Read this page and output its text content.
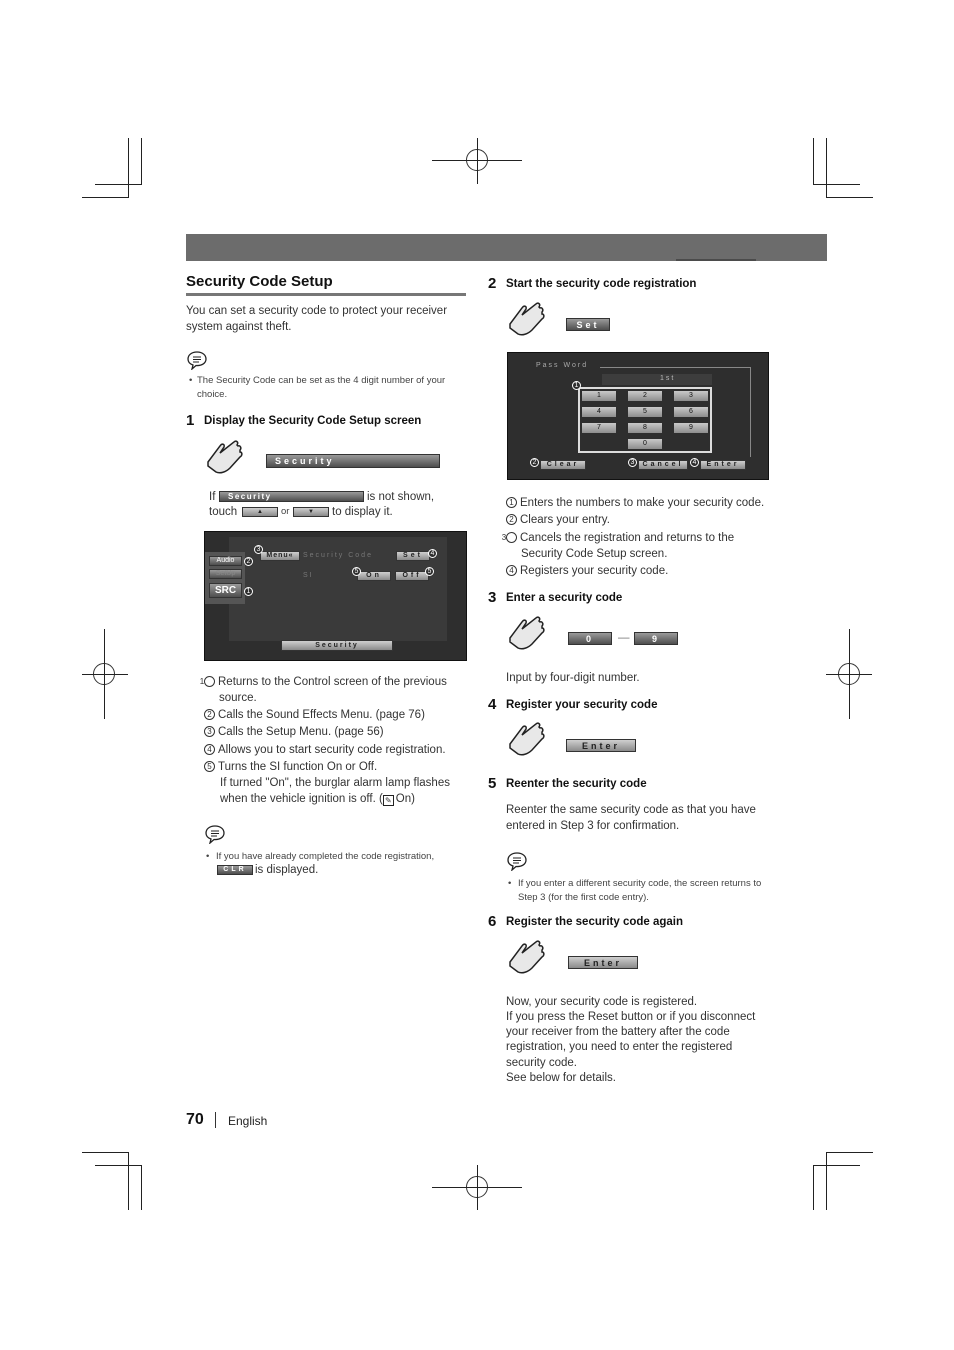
Security Code Setup
You can set a security code to protect your receiver system against theft.
• The Security Code can be set as the 4 digit number of your choice.
1 Display the Security Code Setup screen
Security
If	Security	is not shown,
touch	▲	or	▼	to display it.
Menu«	Security Code	Set
SI	On	Off
Audio
SetUp
SRC
Security
3
2
1
4
5	5
1 Returns to the Control screen of the previous source.
2 Calls the Sound Effects Menu. (page 76)
3 Calls the Setup Menu. (page 56)
4 Allows you to start security code registration.
5 Turns the SI function On or Off.
If turned "On", the burglar alarm lamp flashes when the vehicle ignition is off. ( ✎ On)
• If you have already completed the code registration,
CLR is displayed.
2 Start the security code registration
Set
Pass Word
1st
1	2	3
4	5	6
7	8	9
0
Clear	Cancel	Enter
1
2	3	4
1 Enters the numbers to make your security code.
2 Clears your entry.
3 Cancels the registration and returns to the Security Code Setup screen.
4 Registers your security code.
3 Enter a security code
0	—	9
Input by four-digit number.
4 Register your security code
Enter
5 Reenter the security code
Reenter the same security code as that you have entered in Step 3 for confirmation.
• If you enter a different security code, the screen returns to Step 3 (for the first code entry).
6 Register the security code again
Enter
Now, your security code is registered.
If you press the Reset button or if you disconnect
your receiver from the battery after the code
registration, you need to enter the registered
security code.
See below for details.
70 English
